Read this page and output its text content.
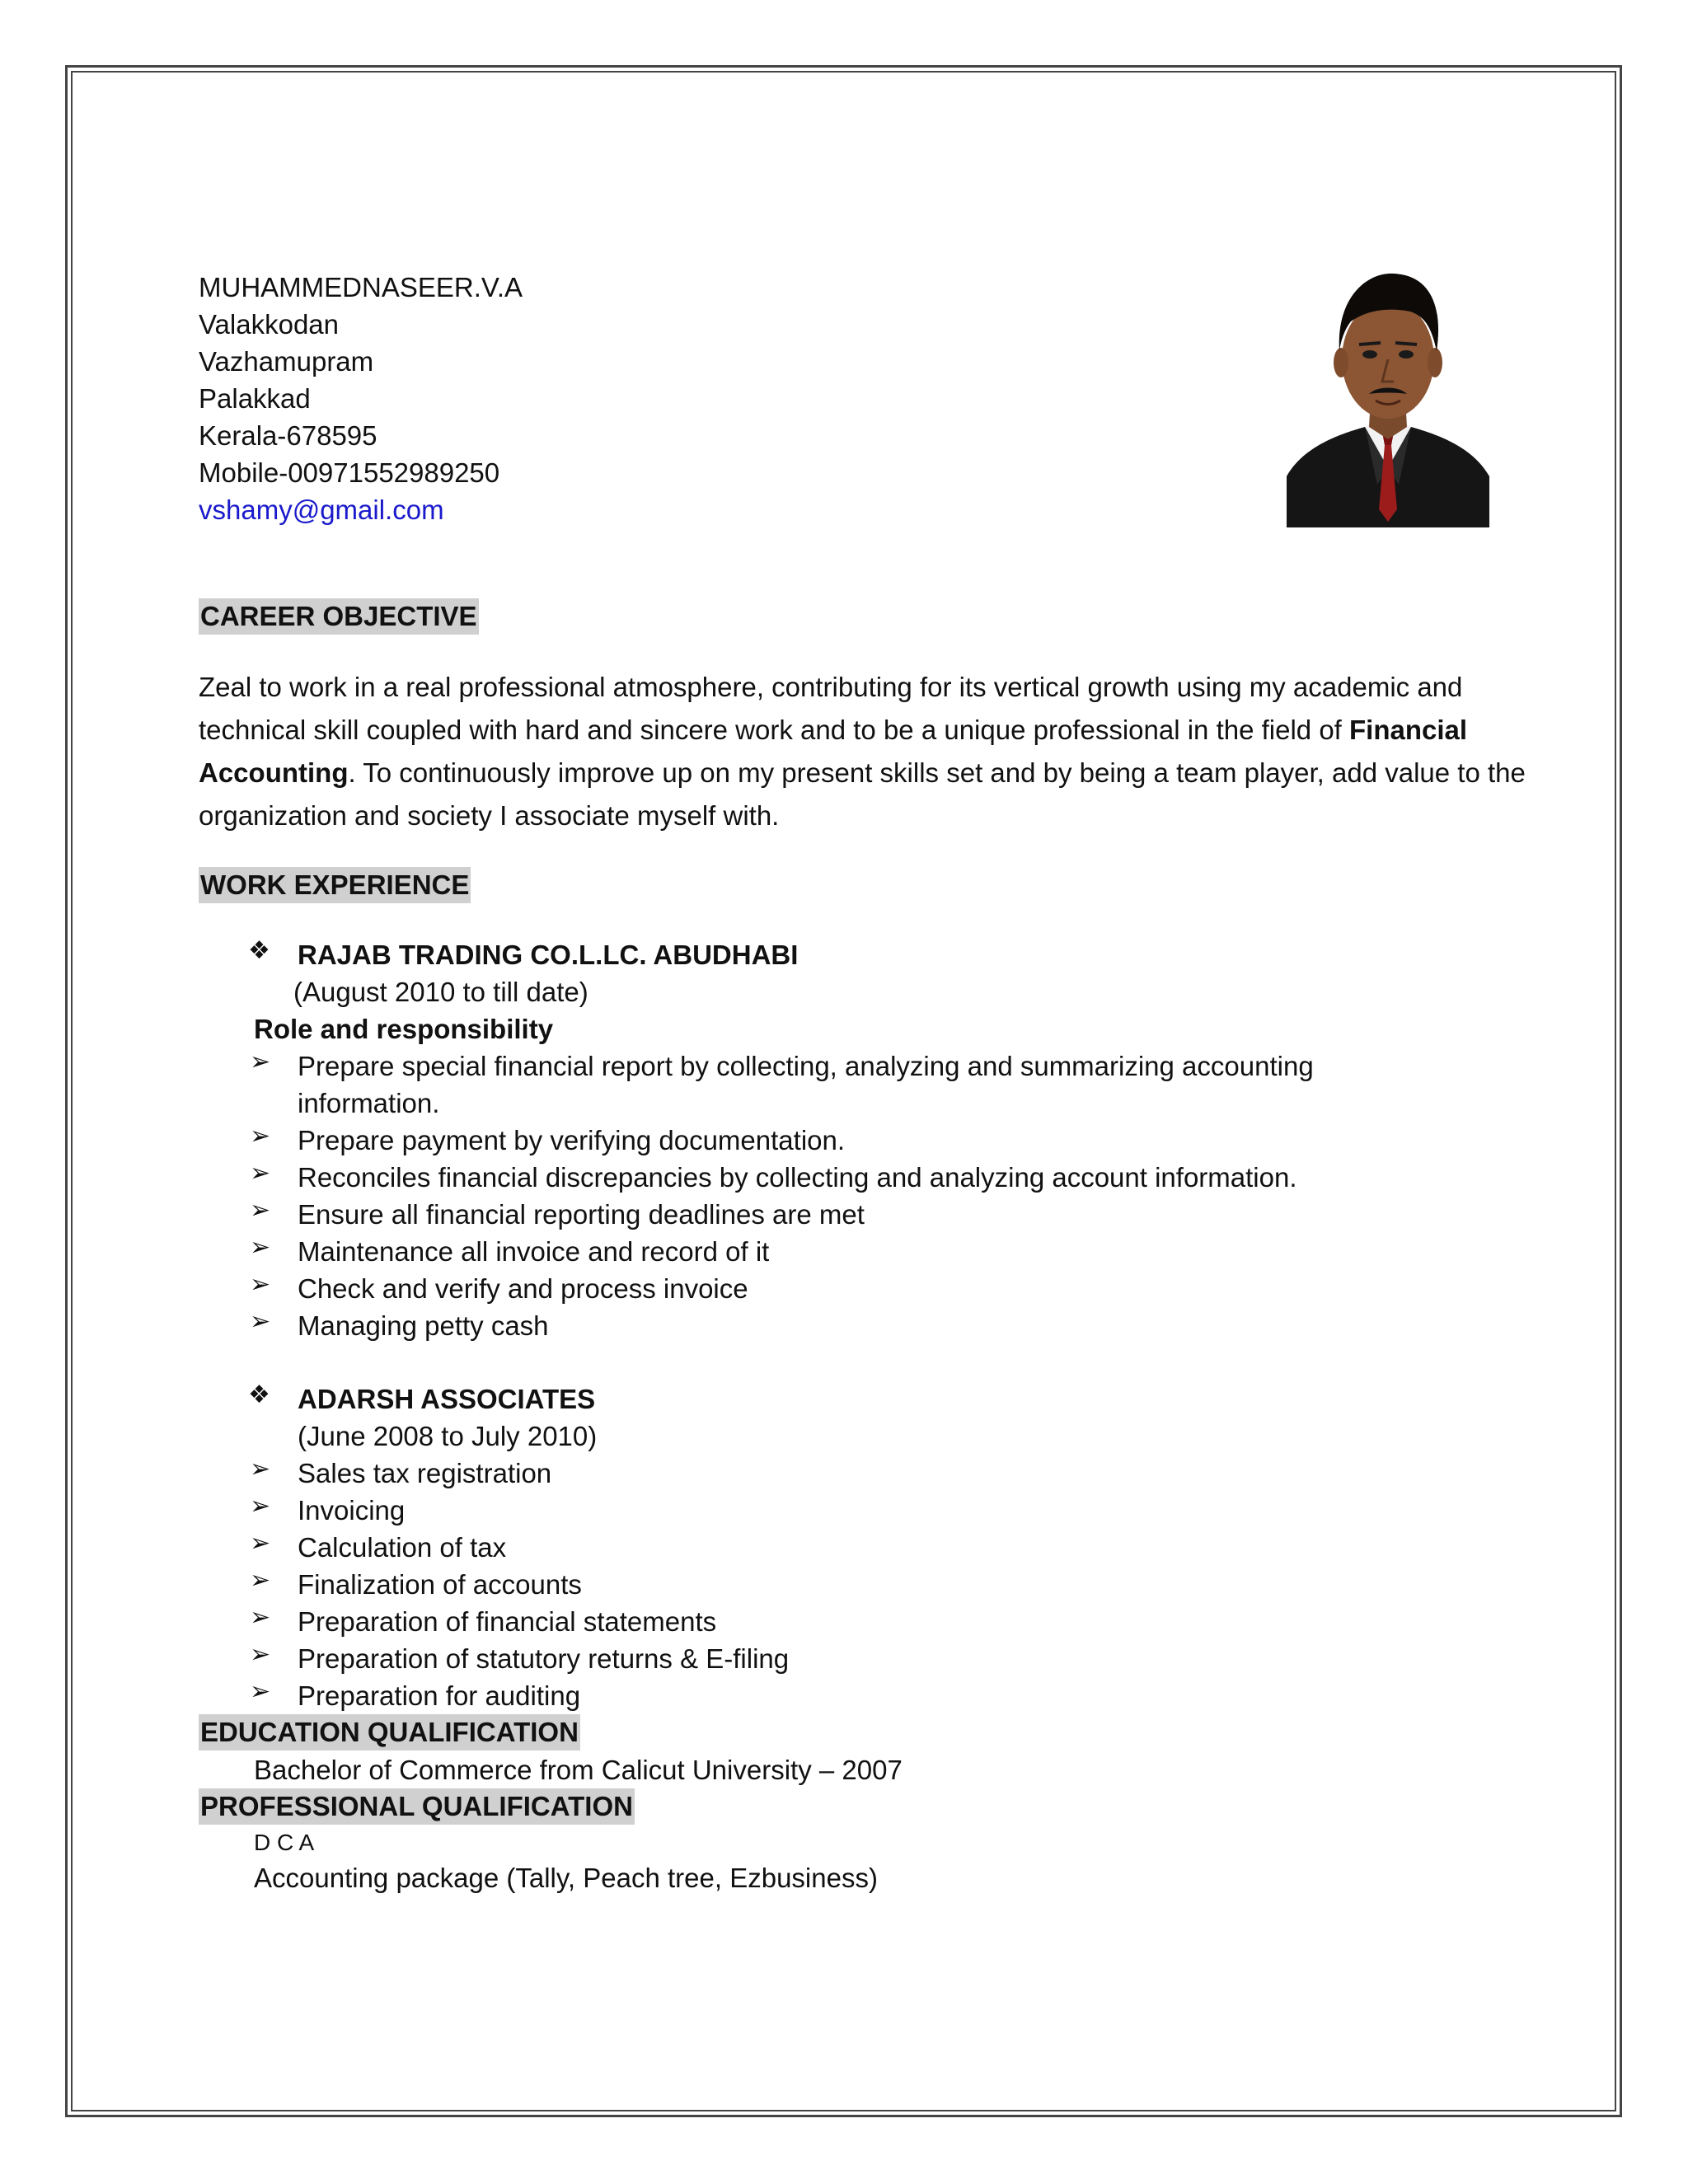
MUHAMMEDNASEER.V.A
Valakkodan
Vazhamupram
Palakkad
Kerala-678595
Mobile-00971552989250
vshamy@gmail.com
CAREER OBJECTIVE
Zeal to work in a real professional atmosphere, contributing for its vertical growth using my academic and technical skill coupled with hard and sincere work and to be a unique professional in the field of Financial Accounting. To continuously improve up on my present skills set and by being a team player, add value to the organization and society I associate myself with.
WORK EXPERIENCE
❖ RAJAB TRADING CO.L.LC. ABUDHABI
(August 2010 to till date)
Role and responsibility
➢ Prepare special financial report by collecting, analyzing and summarizing accounting
information.
➢ Prepare payment by verifying documentation.
➢ Reconciles financial discrepancies by collecting and analyzing account information.
➢ Ensure all financial reporting deadlines are met
➢ Maintenance all invoice and record of it
➢ Check and verify and process invoice
➢ Managing petty cash
❖ ADARSH ASSOCIATES
(June 2008 to July 2010)
➢ Sales tax registration
➢ Invoicing
➢ Calculation of tax
➢ Finalization of accounts
➢ Preparation of financial statements
➢ Preparation of statutory returns & E-filing
➢ Preparation for auditing
EDUCATION QUALIFICATION
Bachelor of Commerce from Calicut University – 2007
PROFESSIONAL QUALIFICATION
D C A
Accounting package (Tally, Peach tree, Ezbusiness)
